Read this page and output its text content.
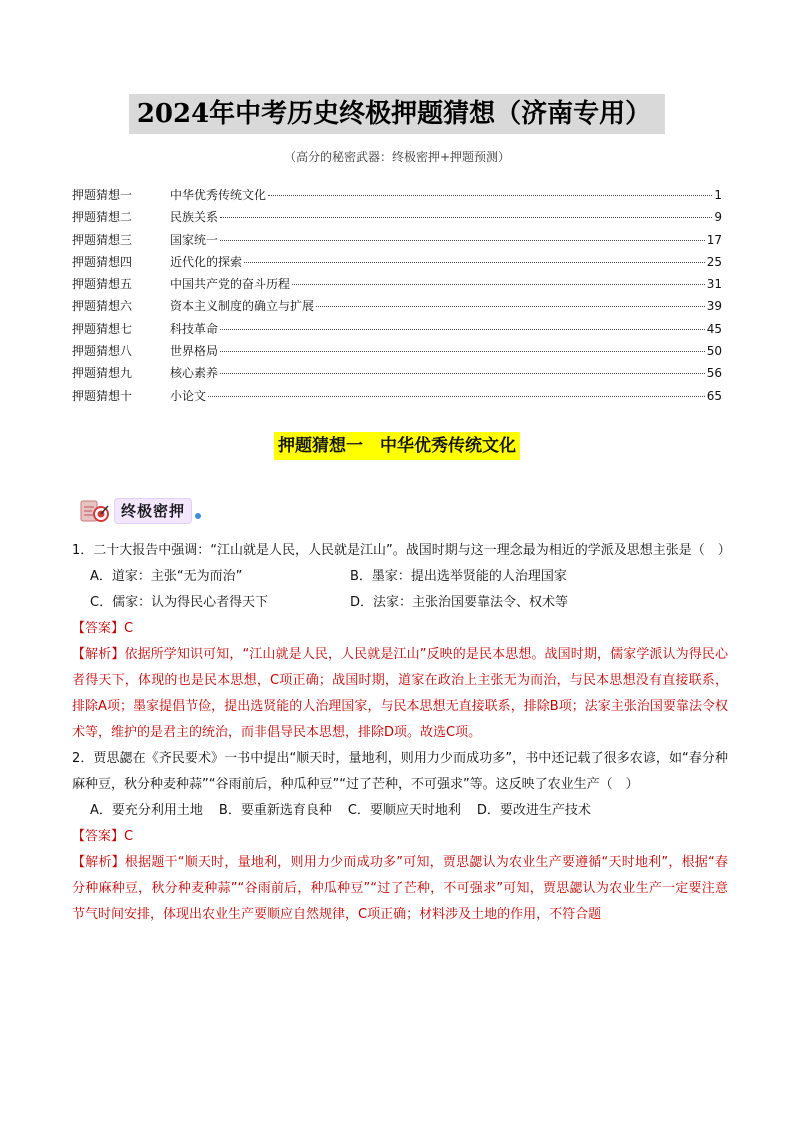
2024年中考历史终极押题猜想（济南专用）
（高分的秘密武器：终极密押+押题预测）
押题猜想一	中华优秀传统文化	1
押题猜想二	民族关系	9
押题猜想三	国家统一	17
押题猜想四	近代化的探索	25
押题猜想五	中国共产党的奋斗历程	31
押题猜想六	资本主义制度的确立与扩展	39
押题猜想七	科技革命	45
押题猜想八	世界格局	50
押题猜想九	核心素养	56
押题猜想十	小论文	65
押题猜想一　中华优秀传统文化
终极密押

1．二十大报告中强调：“江山就是人民，人民就是江山”。战国时期与这一理念最为相近的学派及思想主张是（　）

A．道家：主张“无为而治”	B．墨家：提出选举贤能的人治理国家
C．儒家：认为得民心者得天下	D．法家：主张治国要靠法令、权术等

【答案】C

【解析】依据所学知识可知，“江山就是人民，人民就是江山”反映的是民本思想。战国时期，儒家学派认为得民心者得天下，体现的也是民本思想，C项正确；战国时期，道家在政治上主张无为而治，与民本思想没有直接联系，排除A项；墨家提倡节俭，提出选贤能的人治理国家，与民本思想无直接联系，排除B项；法家主张治国要靠法令权术等，维护的是君主的统治，而非倡导民本思想，排除D项。故选C项。

2．贾思勰在《齐民要术》一书中提出“顺天时，量地利，则用力少而成功多”，书中还记载了很多农谚，如“春分种麻种豆，秋分种麦种蒜”“谷雨前后，种瓜种豆”“过了芒种，不可强求”等。这反映了农业生产（　）

A．要充分利用土地 B．要重新选育良种 C．要顺应天时地利 D．要改进生产技术

【答案】C

【解析】根据题干“顺天时，量地利，则用力少而成功多”可知，贾思勰认为农业生产要遵循“天时地利”，根据“春分种麻种豆，秋分种麦种蒜”“谷雨前后，种瓜种豆”“过了芒种，不可强求”可知，贾思勰认为农业生产一定要注意节气时间安排，体现出农业生产要顺应自然规律，C项正确；材料涉及土地的作用，不符合题
